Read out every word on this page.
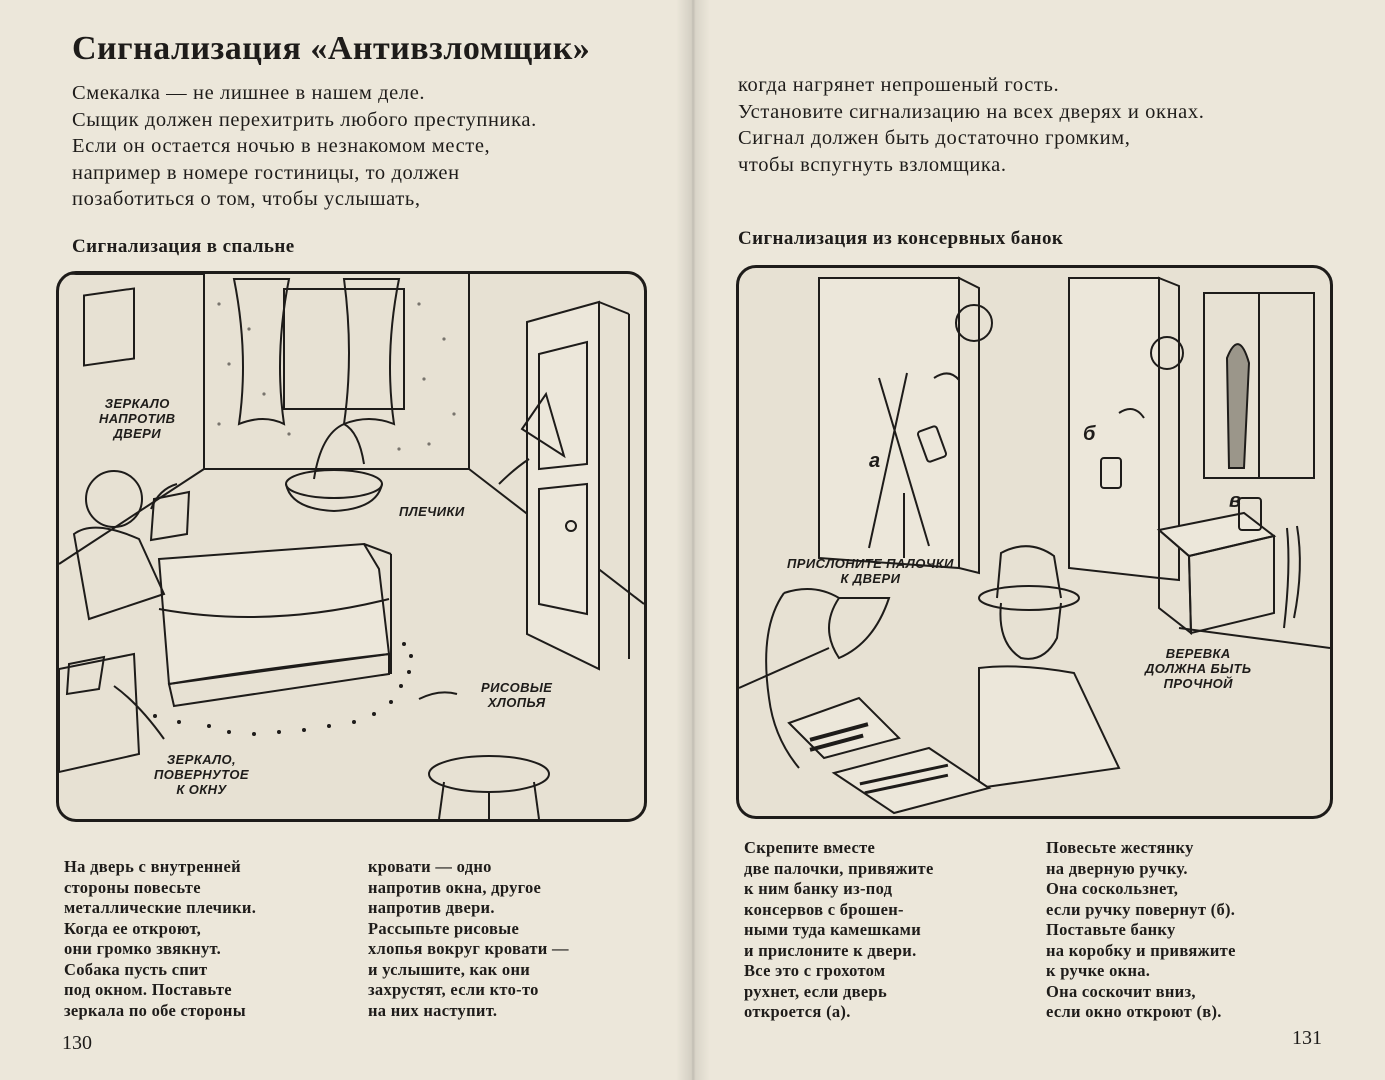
Сигнализация «Антивзломщик»
Смекалка — не лишнее в нашем деле.
Сыщик должен перехитрить любого преступника.
Если он остается ночью в незнакомом месте,
например в номере гостиницы, то должен
позаботиться о том, чтобы услышать,
Сигнализация в спальне
ЗЕРКАЛО
НАПРОТИВ
ДВЕРИ
ПЛЕЧИКИ
РИСОВЫЕ
ХЛОПЬЯ
ЗЕРКАЛО,
ПОВЕРНУТОЕ
К ОКНУ
На дверь с внутренней
стороны повесьте
металлические плечики.
Когда ее откроют,
они громко звякнут.
Собака пусть спит
под окном. Поставьте
зеркала по обе стороны
кровати — одно
напротив окна, другое
напротив двери.
Рассыпьте рисовые
хлопья вокруг кровати —
и услышите, как они
захрустят, если кто-то
на них наступит.
130
когда нагрянет непрошеный гость.
Установите сигнализацию на всех дверях и окнах.
Сигнал должен быть достаточно громким,
чтобы вспугнуть взломщика.
Сигнализация из консервных банок
а
б
в
ПРИСЛОНИТЕ ПАЛОЧКИ
К ДВЕРИ
ВЕРЕВКА
ДОЛЖНА БЫТЬ
ПРОЧНОЙ
Скрепите вместе
две палочки, привяжите
к ним банку из-под
консервов с брошен-
ными туда камешками
и прислоните к двери.
Все это с грохотом
рухнет, если дверь
откроется (а).
Повесьте жестянку
на дверную ручку.
Она соскользнет,
если ручку повернут (б).
Поставьте банку
на коробку и привяжите
к ручке окна.
Она соскочит вниз,
если окно откроют (в).
131
